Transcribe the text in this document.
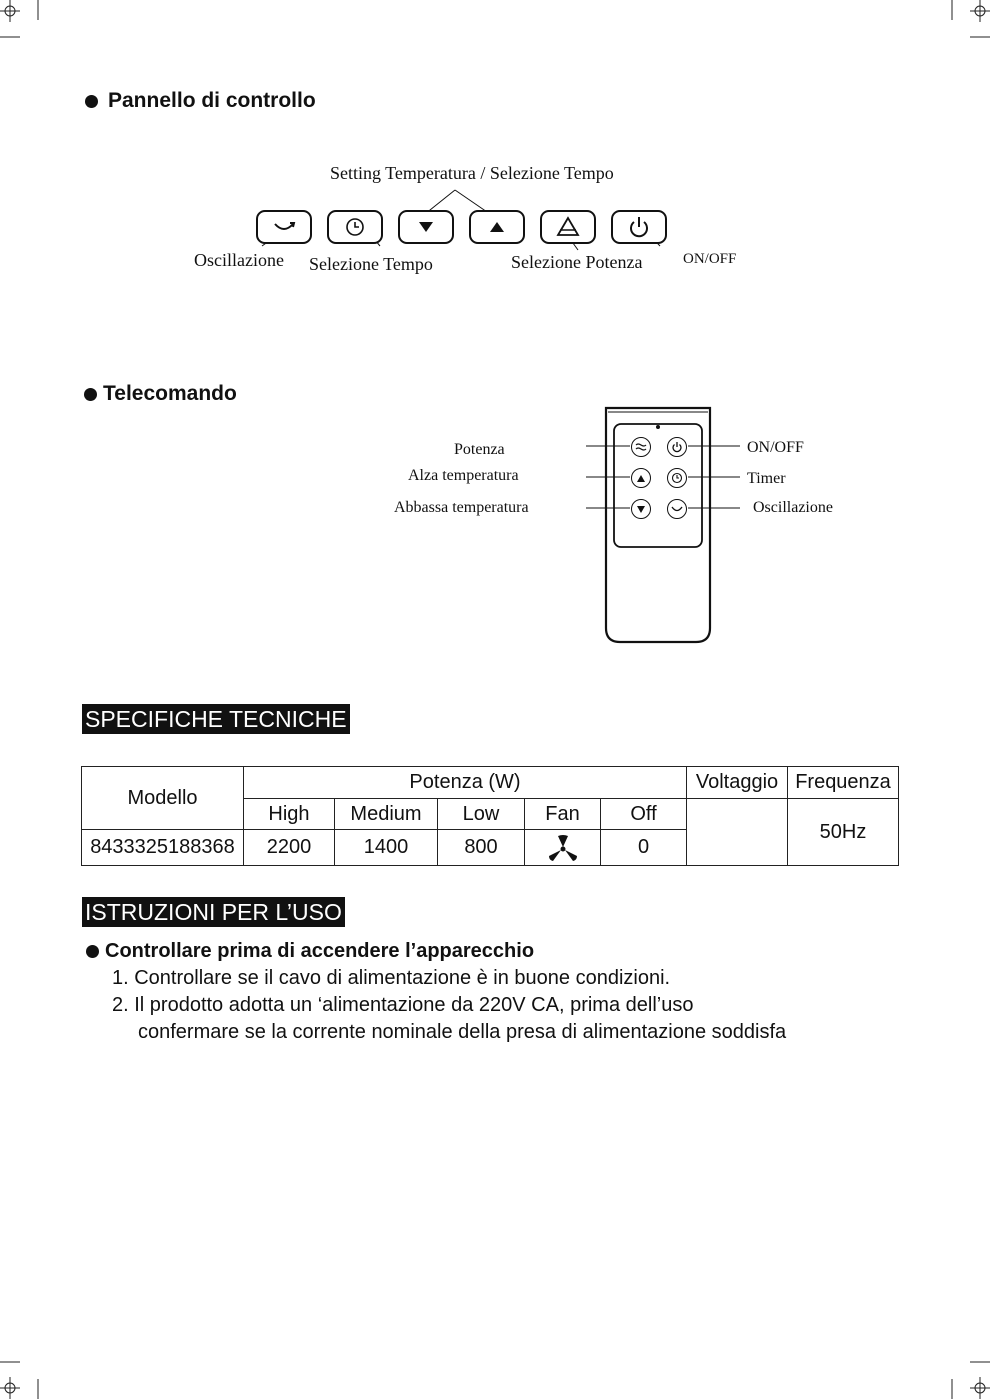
Pannello di controllo
Setting Temperatura / Selezione Tempo
Oscillazione Selezione Tempo	Selezione Potenza	ON/OFF
Telecomando
Potenza
Alza temperatura
Abbassa temperatura
ON/OFF
Timer
Oscillazione
SPECIFICHE TECNICHE
Modello	Potenza (W)					Voltaggio	Frequenza
	High	Medium	Low	Fan	Off		50Hz
8433325188368	2200	1400	800		0		
ISTRUZIONI PER L’USO
Controllare prima di accendere l’apparecchio
1. Controllare se il cavo di alimentazione è in buone condizioni.
2. Il prodotto adotta un ‘alimentazione da 220V CA, prima dell’uso
confermare se la corrente nominale della presa di alimentazione soddisfa
